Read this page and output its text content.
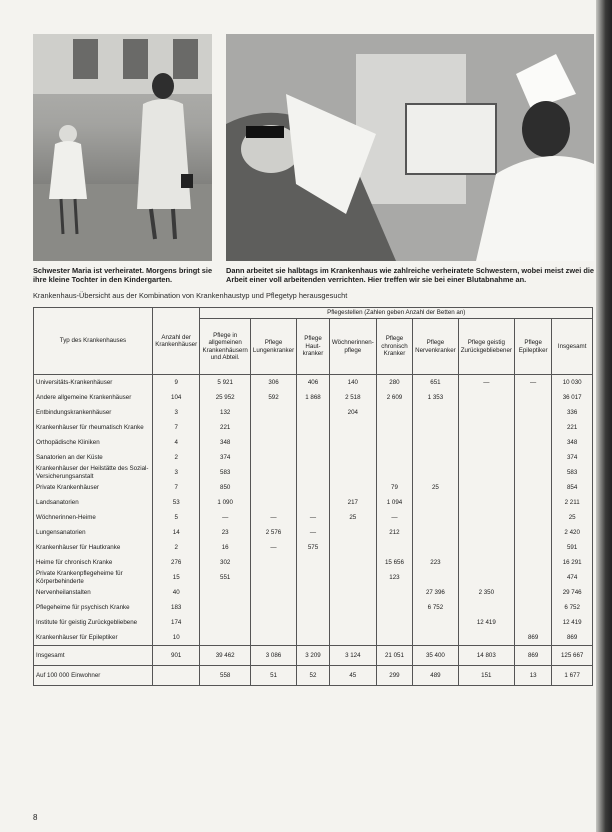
Schwester Maria ist verheiratet. Morgens bringt sie ihre kleine Tochter in den Kindergarten.
Dann arbeitet sie halbtags im Krankenhaus wie zahlreiche verheiratete Schwestern, wobei meist zwei die Arbeit einer voll arbeitenden verrichten. Hier treffen wir sie bei einer Blutabnahme an.
Krankenhaus-Übersicht aus der Kombination von Krankenhaustyp und Pflegetyp herausgesucht
Typ des Krankenhauses	Anzahl der Krankenhäuser	Pflegestellen (Zahlen geben Anzahl der Betten an)								
		Pflege in allgemeinen Krankenhäusern und Abteil.	Pflege Lungenkranker	Pflege Haut-kranker	Wöchnerinnen-pflege	Pflege chronisch Kranker	Pflege Nervenkranker	Pflege geistig Zurückgebliebener	Pflege Epileptiker	Insgesamt
Universitäts-Krankenhäuser	9	5 921	306	406	140	280	651	—	—	10 030
Andere allgemeine Krankenhäuser	104	25 952	592	1 868	2 518	2 609	1 353			36 017
Entbindungskrankenhäuser	3	132			204					336
Krankenhäuser für rheumatisch Kranke	7	221								221
Orthopädische Kliniken	4	348								348
Sanatorien an der Küste	2	374								374
Krankenhäuser der Heilstätte des Sozial-Versicherungsanstalt	3	583								583
Private Krankenhäuser	7	850				79	25			854
Landsanatorien	53	1 090			217	1 094				2 211
Wöchnerinnen-Heime	5	—	—	—	25	—				25
Lungensanatorien	14	23	2 576	—		212				2 420
Krankenhäuser für Hautkranke	2	16	—	575						591
Heime für chronisch Kranke	276	302				15 656	223			16 291
Private Krankenpflegeheime für Körperbehinderte	15	551				123				474
Nervenheilanstalten	40						27 396	2 350		29 746
Pflegeheime für psychisch Kranke	183						6 752			6 752
Institute für geistig Zurückgebliebene	174							12 419		12 419
Krankenhäuser für Epileptiker	10								869	869
Insgesamt	901	39 462	3 086	3 209	3 124	21 051	35 400	14 803	869	125 667
Auf 100 000 Einwohner		558	51	52	45	299	489	151	13	1 677
8
